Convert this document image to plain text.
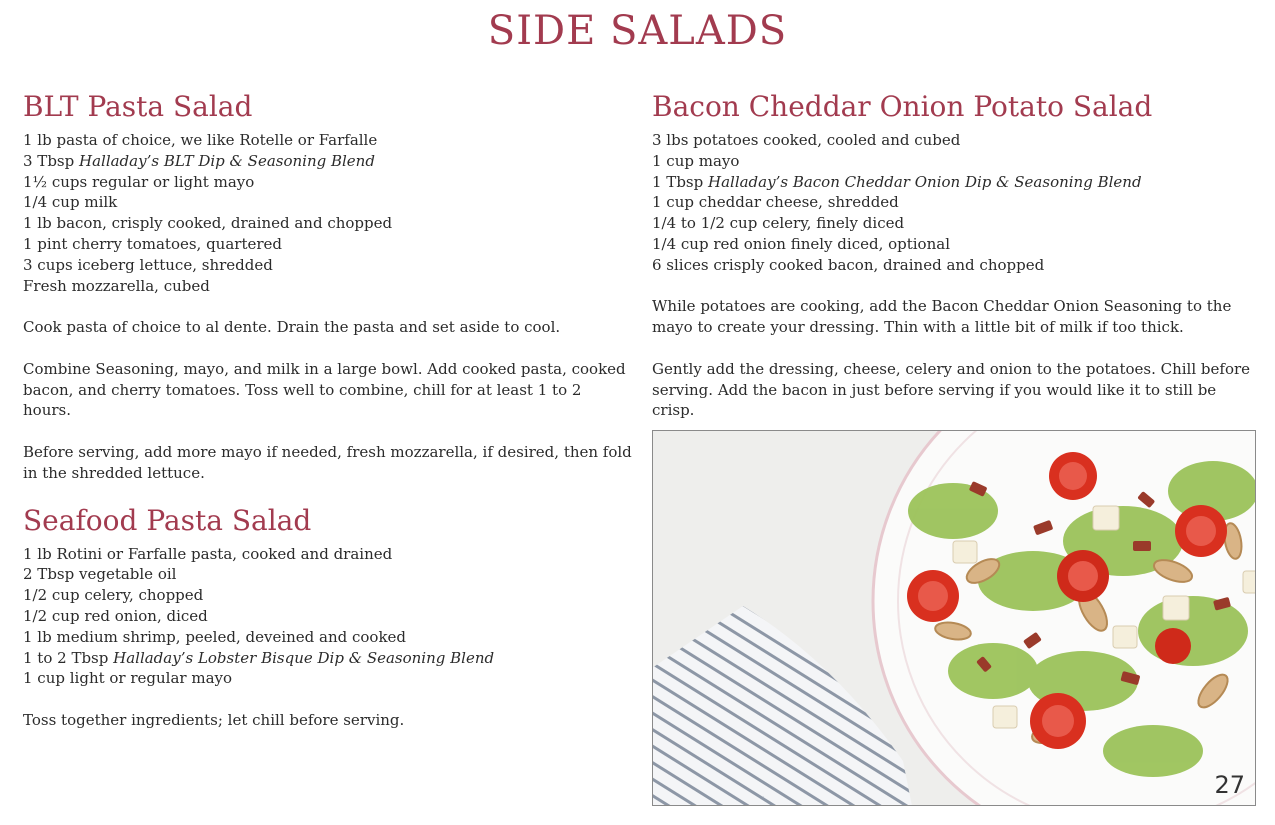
SIDE SALADS
BLT Pasta Salad

1 lb pasta of choice, we like Rotelle or Farfalle

3 Tbsp Halladay’s BLT Dip & Seasoning Blend

1½ cups regular or light mayo

1/4 cup milk

1 lb bacon, crisply cooked, drained and chopped

1 pint cherry tomatoes, quartered

3 cups iceberg lettuce, shredded

Fresh mozzarella, cubed

Cook pasta of choice to al dente. Drain the pasta and set aside to cool.

Combine Seasoning, mayo, and milk in a large bowl. Add cooked pasta, cooked bacon, and cherry tomatoes. Toss well to combine, chill for at least 1 to 2 hours.

Before serving, add more mayo if needed, fresh mozzarella, if desired, then fold in the shredded lettuce.

Seafood Pasta Salad

1 lb Rotini or Farfalle pasta, cooked and drained

2 Tbsp vegetable oil

1/2 cup celery, chopped

1/2 cup red onion, diced

1 lb medium shrimp, peeled, deveined and cooked

1 to 2 Tbsp Halladay’s Lobster Bisque Dip & Seasoning Blend

1 cup light or regular mayo

Toss together ingredients; let chill before serving.

Bacon Cheddar Onion Potato Salad

3 lbs potatoes cooked, cooled and cubed

1 cup mayo

1 Tbsp Halladay’s Bacon Cheddar Onion Dip & Seasoning Blend

1 cup cheddar cheese, shredded

1/4 to 1/2 cup celery, finely diced

1/4 cup red onion finely diced, optional

6 slices crisply cooked bacon, drained and chopped

While potatoes are cooking, add the Bacon Cheddar Onion Seasoning to the mayo to create your dressing. Thin with a little bit of milk if too thick.

Gently add the dressing, cheese, celery and onion to the potatoes. Chill before serving. Add the bacon in just before serving if you would like it to still be crisp.

27
